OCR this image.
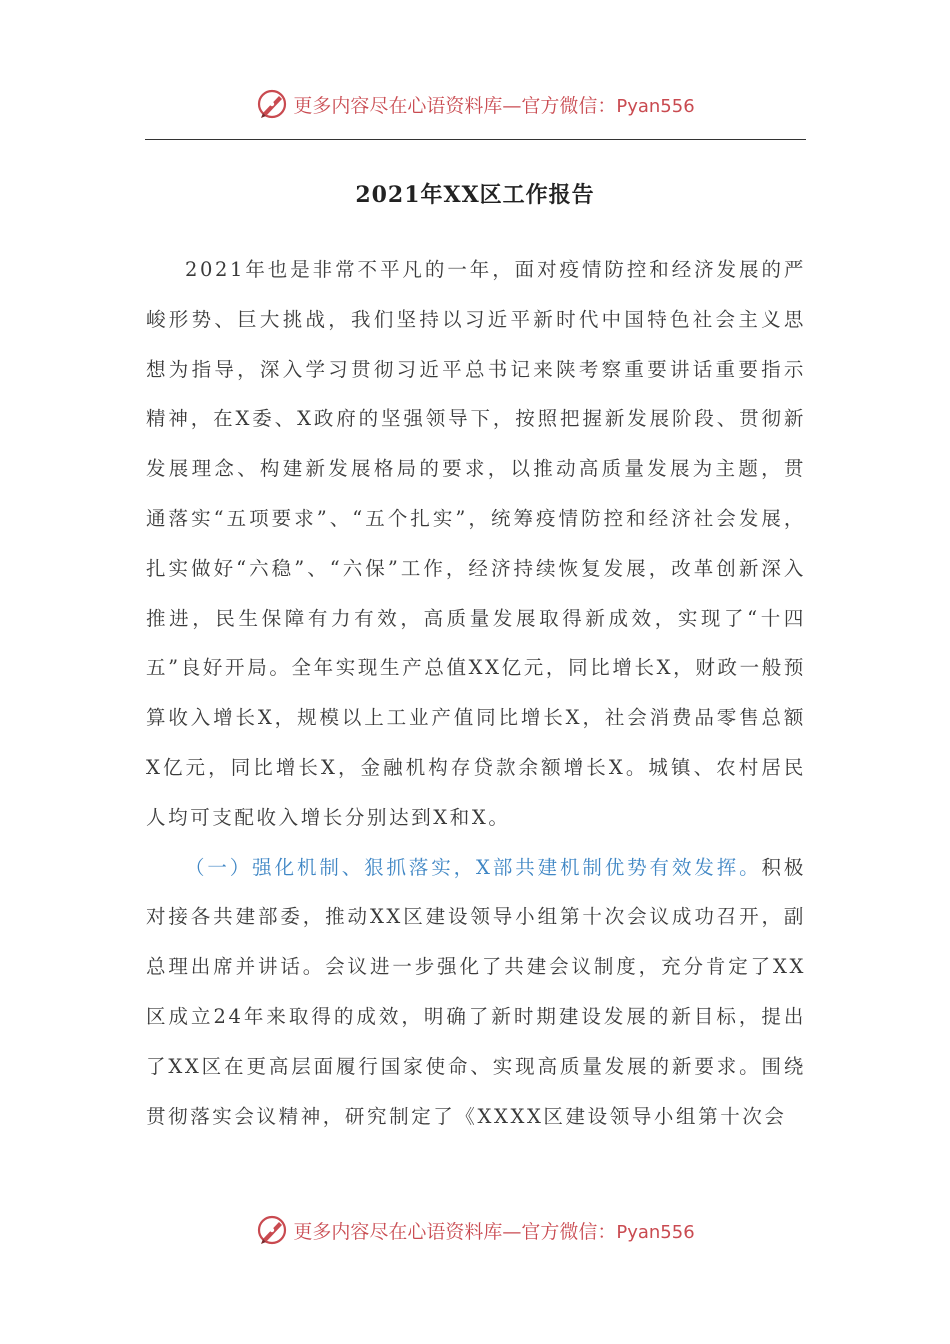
更多内容尽在心语资料库—官方微信：Pyan556
2021年XX区工作报告

2021年也是非常不平凡的一年，面对疫情防控和经济发展的严峻形势、巨大挑战，我们坚持以习近平新时代中国特色社会主义思想为指导，深入学习贯彻习近平总书记来陕考察重要讲话重要指示精神，在X委、X政府的坚强领导下，按照把握新发展阶段、贯彻新发展理念、构建新发展格局的要求，以推动高质量发展为主题，贯通落实“五项要求”、“五个扎实”，统筹疫情防控和经济社会发展，扎实做好“六稳”、“六保”工作，经济持续恢复发展，改革创新深入推进，民生保障有力有效，高质量发展取得新成效，实现了“十四五”良好开局。全年实现生产总值XX亿元，同比增长X，财政一般预算收入增长X，规模以上工业产值同比增长X，社会消费品零售总额X亿元，同比增长X，金融机构存贷款余额增长X。城镇、农村居民人均可支配收入增长分别达到X和X。

（一）强化机制、狠抓落实，X部共建机制优势有效发挥。积极对接各共建部委，推动XX区建设领导小组第十次会议成功召开，副总理出席并讲话。会议进一步强化了共建会议制度，充分肯定了XX区成立24年来取得的成效，明确了新时期建设发展的新目标，提出了XX区在更高层面履行国家使命、实现高质量发展的新要求。围绕贯彻落实会议精神，研究制定了《XXXX区建设领导小组第十次会

更多内容尽在心语资料库—官方微信：Pyan556
